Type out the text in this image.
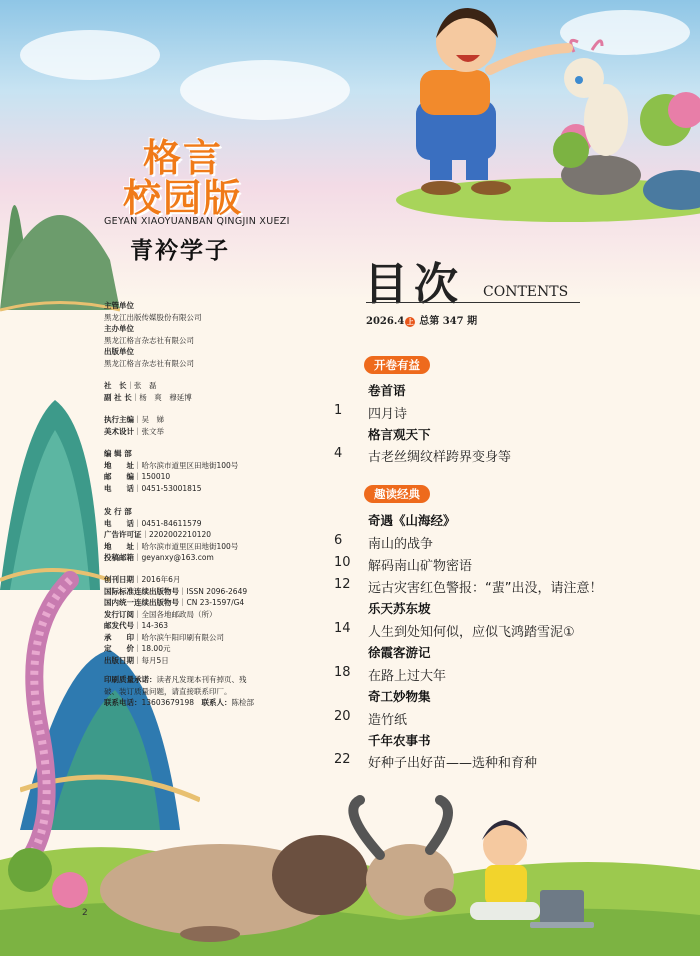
格言
校园版
GEYAN XIAOYUANBAN QINGJIN XUEZI
青衿学子
主管单位
黑龙江出版传媒股份有限公司
主办单位
黑龙江格言杂志社有限公司
出版单位
黑龙江格言杂志社有限公司
社　长｜张　磊
副 社 长｜杨　爽　穆延博
执行主编｜吴　娣
美术设计｜张文举
编 辑 部
地　　址｜哈尔滨市道里区田地街100号
邮　　编｜150010
电　　话｜0451-53001815
发 行 部
电　　话｜0451-84611579
广告许可证｜2202002210120
地　　址｜哈尔滨市道里区田地街100号
投稿邮箱｜geyanxy@163.com
创刊日期｜2016年6月
国际标准连续出版物号｜ISSN 2096-2649
国内统一连续出版物号｜CN 23-1597/G4
发行订阅｜全国各地邮政局（所）
邮发代号｜14-363
承　　印｜哈尔滨午阳印刷有限公司
定　　价｜18.00元
出版日期｜每月5日
印刷质量承诺：读者凡发现本刊有掉页、残
破、装订质量问题，请直接联系印厂。
联系电话：13603679198　 联系人：陈检部
目次 CONTENTS
2026.4 上 总第 347 期
开卷有益
卷首语
1	四月诗
格言观天下
4	古老丝绸纹样跨界变身等
趣读经典
奇遇《山海经》
6	南山的战争
10 解码南山矿物密语
12 远古灾害红色警报：“蜚”出没，请注意！
乐天苏东坡
14 人生到处知何似，应似飞鸿踏雪泥①
徐霞客游记
18 在路上过大年
奇工妙物集
20 造竹纸
千年农事书
22 好种子出好苗——选种和育种
2
